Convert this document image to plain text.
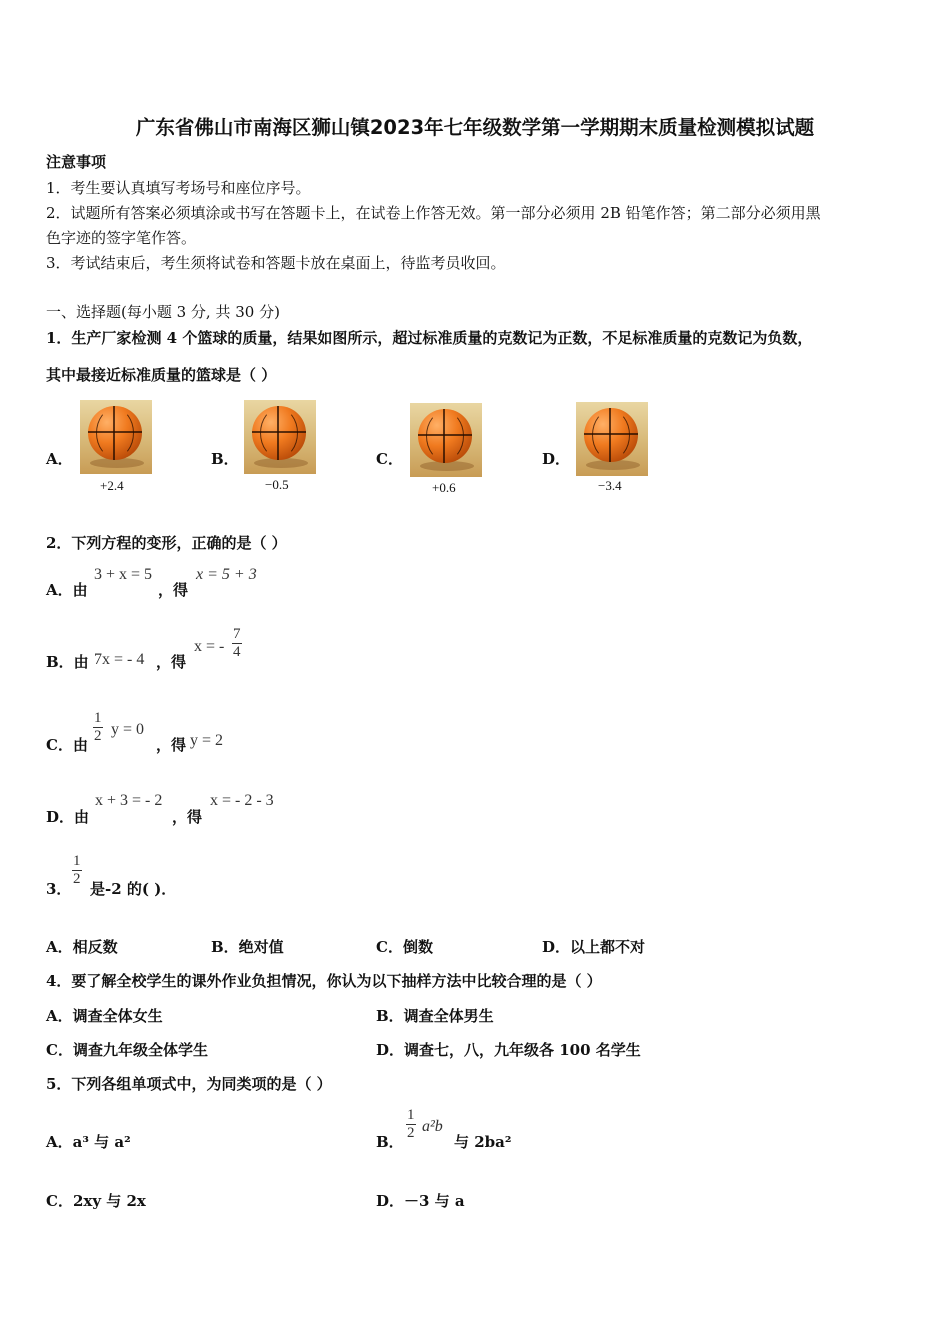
广东省佛山市南海区狮山镇2023年七年级数学第一学期期末质量检测模拟试题
注意事项
1．考生要认真填写考场号和座位序号。
2．试题所有答案必须填涂或书写在答题卡上，在试卷上作答无效。第一部分必须用 2B 铅笔作答；第二部分必须用黑
色字迹的签字笔作答。
3．考试结束后，考生须将试卷和答题卡放在桌面上，待监考员收回。
一、选择题(每小题 3 分, 共 30 分)
1．生产厂家检测 4 个篮球的质量，结果如图所示，超过标准质量的克数记为正数，不足标准质量的克数记为负数，
其中最接近标准质量的篮球是（ ）
A．
+2.4
B．
−0.5
C．
+0.6
D．
−3.4
2．下列方程的变形，正确的是（ ）
A．由
3 + x = 5
，得
x = 5 + 3
B．由 7x = - 4 ，得
x = - $\frac{7}{4}$
C．由
$\frac{1}{2}$ y = 0
，得 y = 2
D．由
x + 3 = - 2
，得
x = - 2 - 3
3．
$\frac{1}{2}$
是-2 的( )．
A．相反数	B．绝对值	C．倒数	D．以上都不对
4．要了解全校学生的课外作业负担情况，你认为以下抽样方法中比较合理的是（ ）
A．调查全体女生	B．调查全体男生
C．调查九年级全体学生	D．调查七，八，九年级各 100 名学生
5．下列各组单项式中，为同类项的是（ ）
A．a³ 与 a²	B．
$\frac{1}{2} a^2b$
与 2ba²
C．2xy 与 2x	D．－3 与 a
